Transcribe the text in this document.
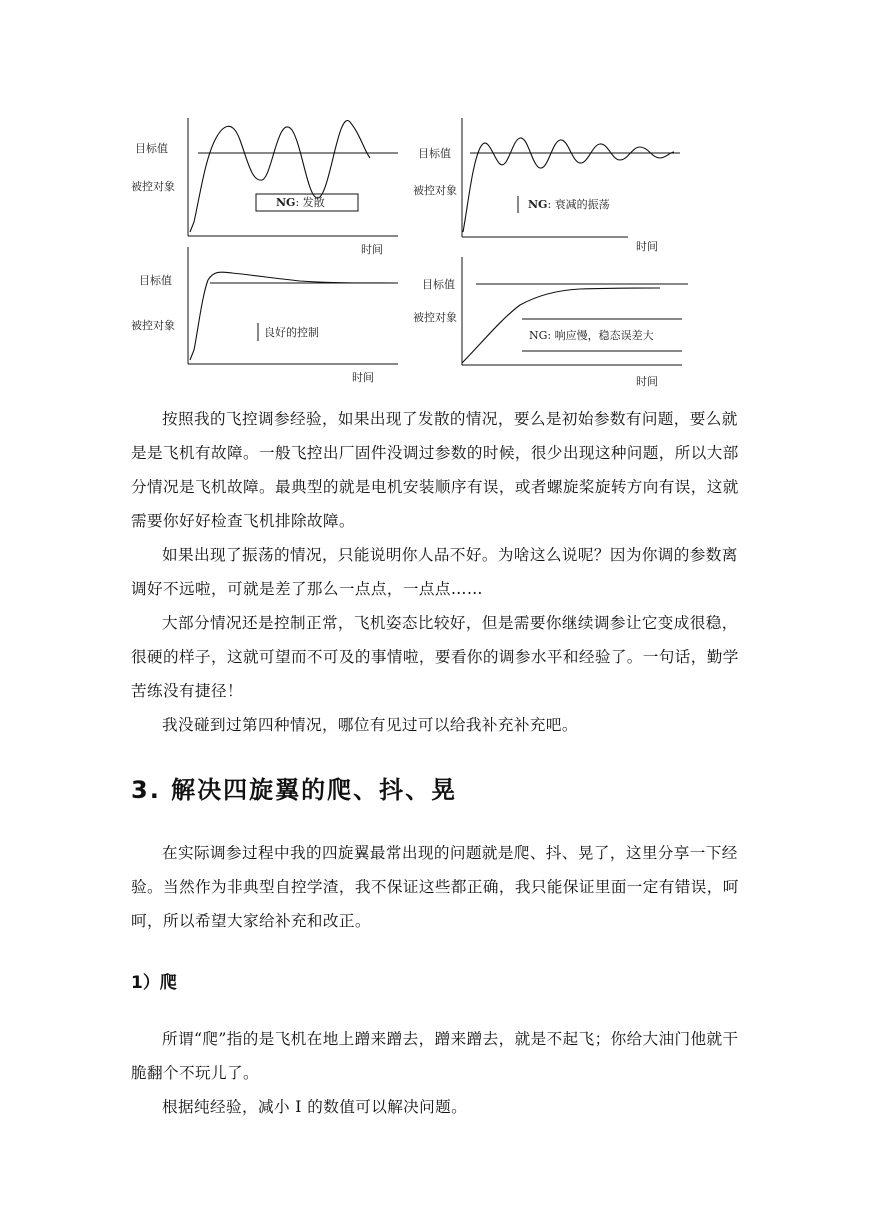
目标值
被控对象
NG: 发散
时间
目标值
被控对象
NG: 衰减的振荡
时间
目标值
被控对象
良好的控制
时间
目标值
被控对象
NG: 响应慢，稳态误差大
时间

按照我的飞控调参经验，如果出现了发散的情况，要么是初始参数有问题，要么就是是飞机有故障。一般飞控出厂固件没调过参数的时候，很少出现这种问题，所以大部分情况是飞机故障。最典型的就是电机安装顺序有误，或者螺旋桨旋转方向有误，这就需要你好好检查飞机排除故障。

如果出现了振荡的情况，只能说明你人品不好。为啥这么说呢？因为你调的参数离调好不远啦，可就是差了那么一点点，一点点……

大部分情况还是控制正常，飞机姿态比较好，但是需要你继续调参让它变成很稳，很硬的样子，这就可望而不可及的事情啦，要看你的调参水平和经验了。一句话，勤学苦练没有捷径！

我没碰到过第四种情况，哪位有见过可以给我补充补充吧。

3. 解决四旋翼的爬、抖、晃

在实际调参过程中我的四旋翼最常出现的问题就是爬、抖、晃了，这里分享一下经验。当然作为非典型自控学渣，我不保证这些都正确，我只能保证里面一定有错误，呵呵，所以希望大家给补充和改正。

1）爬

所谓“爬”指的是飞机在地上蹭来蹭去，蹭来蹭去，就是不起飞；你给大油门他就干脆翻个不玩儿了。

根据纯经验，减小 I 的数值可以解决问题。
